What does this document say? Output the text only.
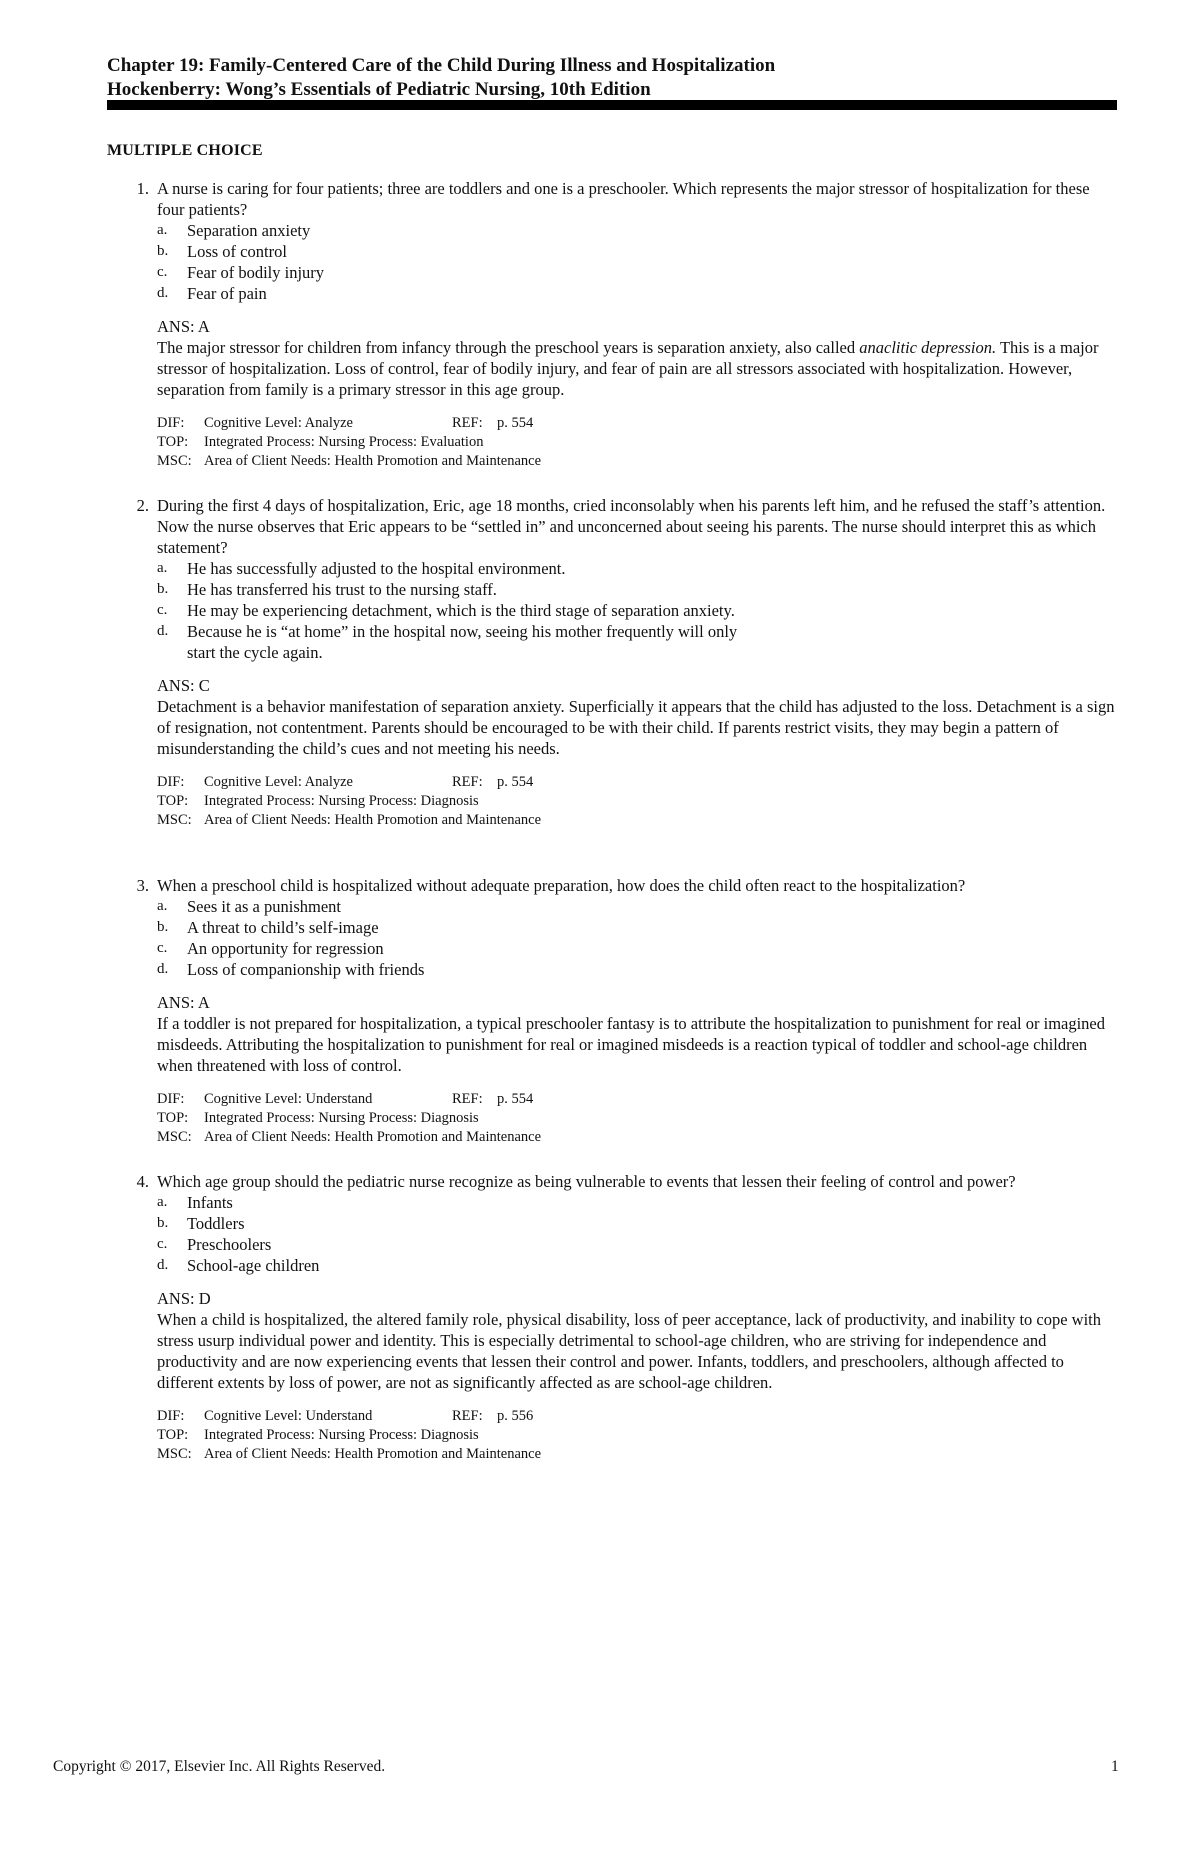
Chapter 19: Family-Centered Care of the Child During Illness and Hospitalization
Hockenberry: Wong’s Essentials of Pediatric Nursing, 10th Edition
MULTIPLE CHOICE
1. A nurse is caring for four patients; three are toddlers and one is a preschooler. Which represents the major stressor of hospitalization for these four patients?
a. Separation anxiety
b. Loss of control
c. Fear of bodily injury
d. Fear of pain
ANS: A
The major stressor for children from infancy through the preschool years is separation anxiety, also called anaclitic depression. This is a major stressor of hospitalization. Loss of control, fear of bodily injury, and fear of pain are all stressors associated with hospitalization. However, separation from family is a primary stressor in this age group.
DIF: Cognitive Level: Analyze	REF: p. 554
TOP: Integrated Process: Nursing Process: Evaluation
MSC: Area of Client Needs: Health Promotion and Maintenance
2. During the first 4 days of hospitalization, Eric, age 18 months, cried inconsolably when his parents left him, and he refused the staff’s attention. Now the nurse observes that Eric appears to be “settled in” and unconcerned about seeing his parents. The nurse should interpret this as which statement?
a. He has successfully adjusted to the hospital environment.
b. He has transferred his trust to the nursing staff.
c. He may be experiencing detachment, which is the third stage of separation anxiety.
d. Because he is “at home” in the hospital now, seeing his mother frequently will only start the cycle again.
ANS: C
Detachment is a behavior manifestation of separation anxiety. Superficially it appears that the child has adjusted to the loss. Detachment is a sign of resignation, not contentment. Parents should be encouraged to be with their child. If parents restrict visits, they may begin a pattern of misunderstanding the child’s cues and not meeting his needs.
DIF: Cognitive Level: Analyze	REF: p. 554
TOP: Integrated Process: Nursing Process: Diagnosis
MSC: Area of Client Needs: Health Promotion and Maintenance
3. When a preschool child is hospitalized without adequate preparation, how does the child often react to the hospitalization?
a. Sees it as a punishment
b. A threat to child’s self-image
c. An opportunity for regression
d. Loss of companionship with friends
ANS: A
If a toddler is not prepared for hospitalization, a typical preschooler fantasy is to attribute the hospitalization to punishment for real or imagined misdeeds. Attributing the hospitalization to punishment for real or imagined misdeeds is a reaction typical of toddler and school-age children when threatened with loss of control.
DIF: Cognitive Level: Understand	REF: p. 554
TOP: Integrated Process: Nursing Process: Diagnosis
MSC: Area of Client Needs: Health Promotion and Maintenance
4. Which age group should the pediatric nurse recognize as being vulnerable to events that lessen their feeling of control and power?
a. Infants
b. Toddlers
c. Preschoolers
d. School-age children
ANS: D
When a child is hospitalized, the altered family role, physical disability, loss of peer acceptance, lack of productivity, and inability to cope with stress usurp individual power and identity. This is especially detrimental to school-age children, who are striving for independence and productivity and are now experiencing events that lessen their control and power. Infants, toddlers, and preschoolers, although affected to different extents by loss of power, are not as significantly affected as are school-age children.
DIF: Cognitive Level: Understand	REF: p. 556
TOP: Integrated Process: Nursing Process: Diagnosis
MSC: Area of Client Needs: Health Promotion and Maintenance
Copyright © 2017, Elsevier Inc. All Rights Reserved.	1
